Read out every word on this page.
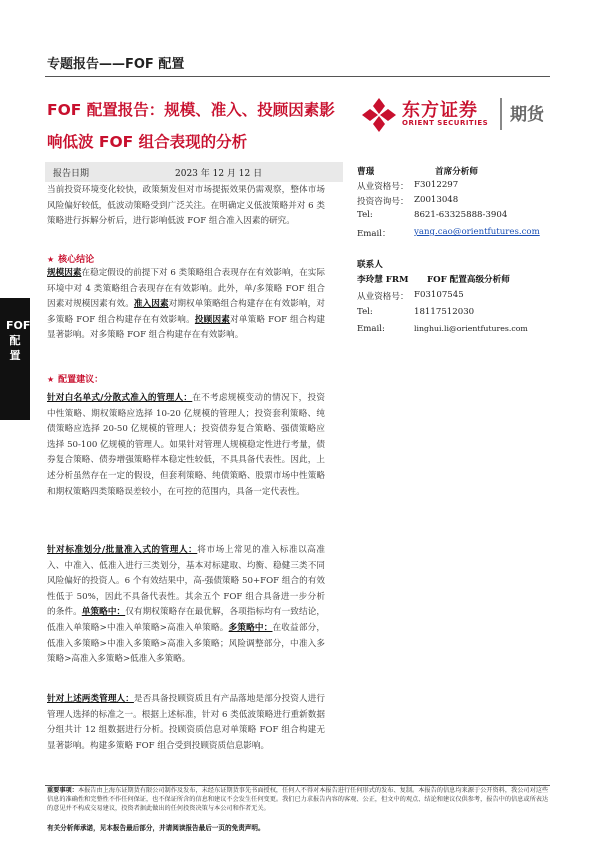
专题报告——FOF 配置
FOF 配置报告：规模、准入、投顾因素影
响低波 FOF 组合表现的分析
东方证券
ORIENT SECURITIES 期货
报告日期	2023 年 12 月 12 日
FOF 配置
当前投资环境变化较快，政策频发但对市场提振效果仍需观察，整体市场风险偏好较低，低波动策略受到广泛关注。在明确定义低波策略并对 6 类策略进行拆解分析后，进行影响低波 FOF 组合准入因素的研究。
★ 核心结论
规模因素在稳定假设的前提下对 6 类策略组合表现存在有效影响，在实际环境中对 4 类策略组合表现存在有效影响。此外，单/多策略 FOF 组合因素对规模因素有效。准入因素对期权单策略组合构建存在有效影响，对多策略 FOF 组合构建存在有效影响。投顾因素对单策略 FOF 组合构建显著影响。对多策略 FOF 组合构建存在有效影响。
★ 配置建议：
针对白名单式/分散式准入的管理人：在不考虑规模变动的情况下，投资中性策略、期权策略应选择 10-20 亿规模的管理人；投资套利策略、纯债策略应选择 20-50 亿规模的管理人；投资债券复合策略、强债策略应选择 50-100 亿规模的管理人。如果针对管理人规模稳定性进行考量，债券复合策略、债券增强策略样本稳定性较低，不具具备代表性。因此，上述分析虽然存在一定的假设，但套利策略、纯债策略、股票市场中性策略和期权策略四类策略误差较小，在可控的范围内，具备一定代表性。
针对标准划分/批量准入式的管理人：将市场上常见的准入标准以高准入、中准入、低准入进行三类划分，基本对标建取、均衡、稳健三类不同风险偏好的投资人。6 个有效结果中，高-强债策略 50+FOF 组合的有效性低于 50%，因此不具备代表性。其余五个 FOF 组合具备进一步分析的条件。单策略中：仅有期权策略存在最优解，各项指标均有一致结论，低准入单策略>中准入单策略>高准入单策略。多策略中：在收益部分，低准入多策略>中准入多策略>高准入多策略；风险调整部分，中准入多策略>高准入多策略>低准入多策略。
针对上述两类管理人：是否具备投顾资质且有产品落地是部分投资人进行管理人选择的标准之一。根据上述标准，针对 6 类低波策略进行重新数据分组共计 12 组数据进行分析。投顾资质信息对单策略 FOF 组合构建无显著影响。构建多策略 FOF 组合受到投顾资质信息影响。
曹璟	首席分析师
从业资格号： F3012297
投资咨询号： Z0013048
Tel:	8621-63325888-3904
Email：	yang.cao@orientfutures.com
联系人
李玲慧 FRM FOF 配置高级分析师
从业资格号： F03107545
Tel:	18117512030
Email:	linghui.li@orientfutures.com
重要事项：本报告由上海东证期货有限公司制作及发布，未经东证期货事先书面授权，任何人不得对本报告进行任何形式的发布、复制。本报告的信息均来源于公开资料，我公司对这些信息的准确性和完整性不作任何保证，也不保证所含的信息和建议不会发生任何变更。我们已力求报告内容的客观、公正，但文中的观点、结论和建议仅供参考，报告中的信息或所表达的意见并不构成交易建议，投资者据此做出的任何投资决策与本公司和作者无关。
有关分析师承诺，见本报告最后部分，并请阅读报告最后一页的免责声明。
